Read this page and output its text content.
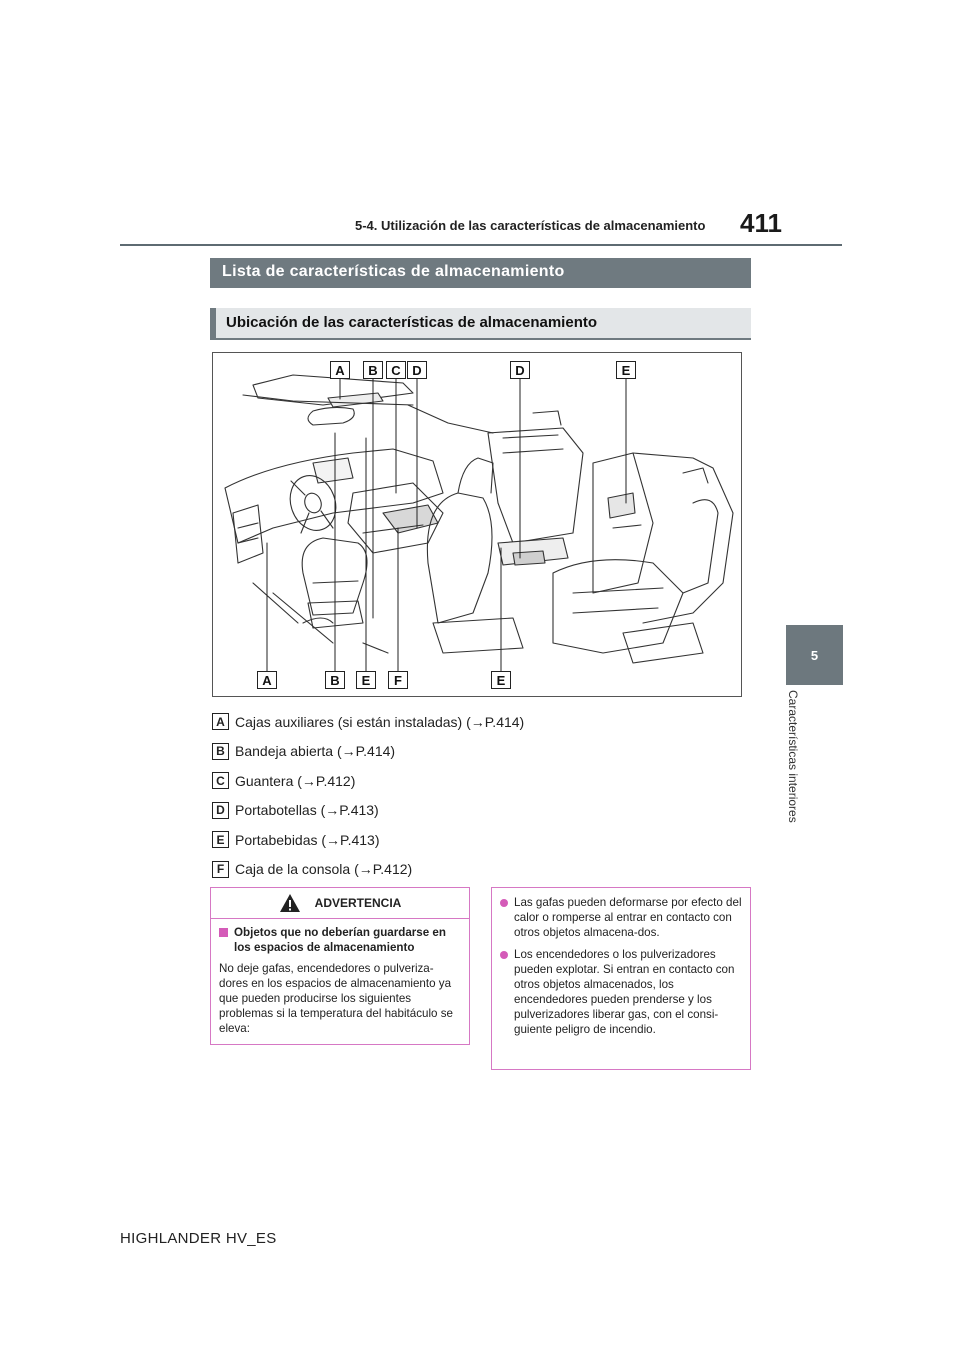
5-4. Utilización de las características de almacenamiento 411
5
Características interiores
Lista de características de almacenamiento
Ubicación de las características de almacenamiento
A	B	C D	D	E
A	B	E	F	E
A Cajas auxiliares (si están instaladas) (→P.414)
B Bandeja abierta (→P.414)
C Guantera (→P.412)
D Portabotellas (→P.413)
E Portabebidas (→P.413)
F Caja de la consola (→P.412)
ADVERTENCIA
Objetos que no deberían guardarse en los espacios de almacenamiento
No deje gafas, encendedores o pulveriza-dores en los espacios de almacenamiento ya que pueden producirse los siguientes problemas si la temperatura del habitáculo se eleva:
Las gafas pueden deformarse por efecto del calor o romperse al entrar en contacto con otros objetos almacena-dos.
Los encendedores o los pulverizadores pueden explotar. Si entran en contacto con otros objetos almacenados, los encendedores pueden prenderse y los pulverizadores liberar gas, con el consi-guiente peligro de incendio.
HIGHLANDER HV_ES
